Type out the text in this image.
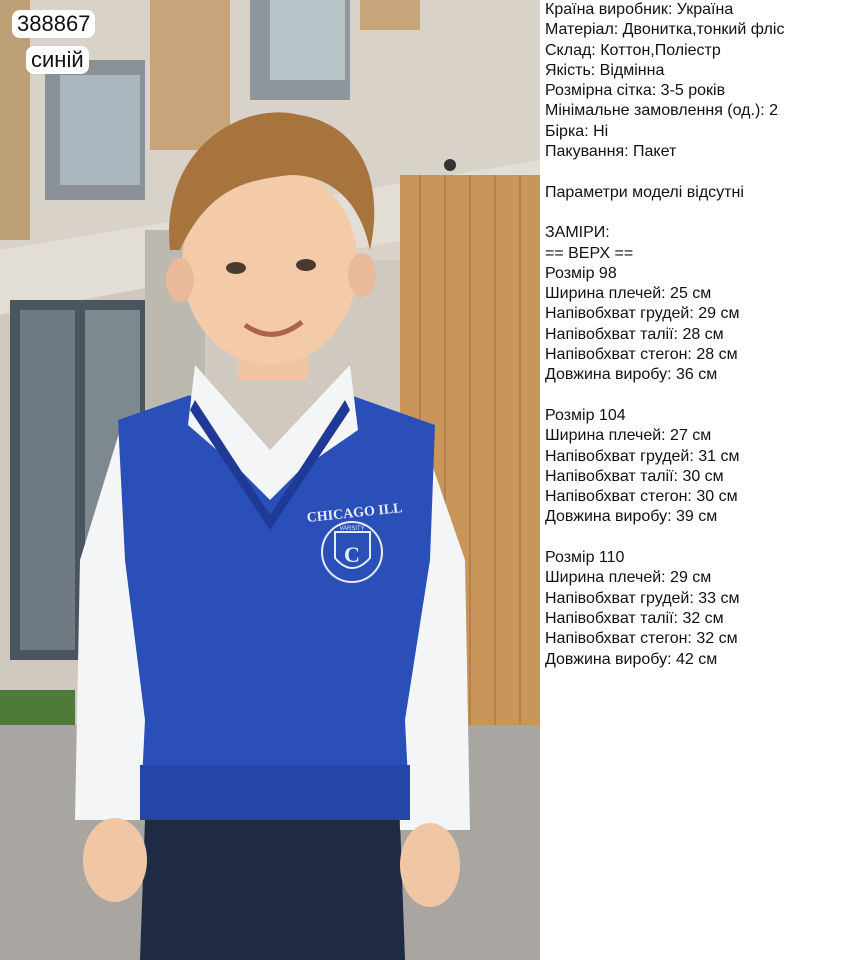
CHICAGO ILL
C
VARSITY
388867
синій
Країна виробник: Україна
Матеріал: Двонитка,тонкий фліс
Склад: Коттон,Поліестр
Якість: Відмінна
Розмірна сітка: 3-5 років
Мінімальне замовлення (од.): 2
Бірка: Ні
Пакування: Пакет
Параметри моделі відсутні
ЗАМІРИ:
== ВЕРХ ==
Розмір 98
Ширина плечей: 25 см
Напівобхват грудей: 29 см
Напівобхват талії: 28 см
Напівобхват стегон: 28 см
Довжина виробу: 36 см
Розмір 104
Ширина плечей: 27 см
Напівобхват грудей: 31 см
Напівобхват талії: 30 см
Напівобхват стегон: 30 см
Довжина виробу: 39 см
Розмір 110
Ширина плечей: 29 см
Напівобхват грудей: 33 см
Напівобхват талії: 32 см
Напівобхват стегон: 32 см
Довжина виробу: 42 см
